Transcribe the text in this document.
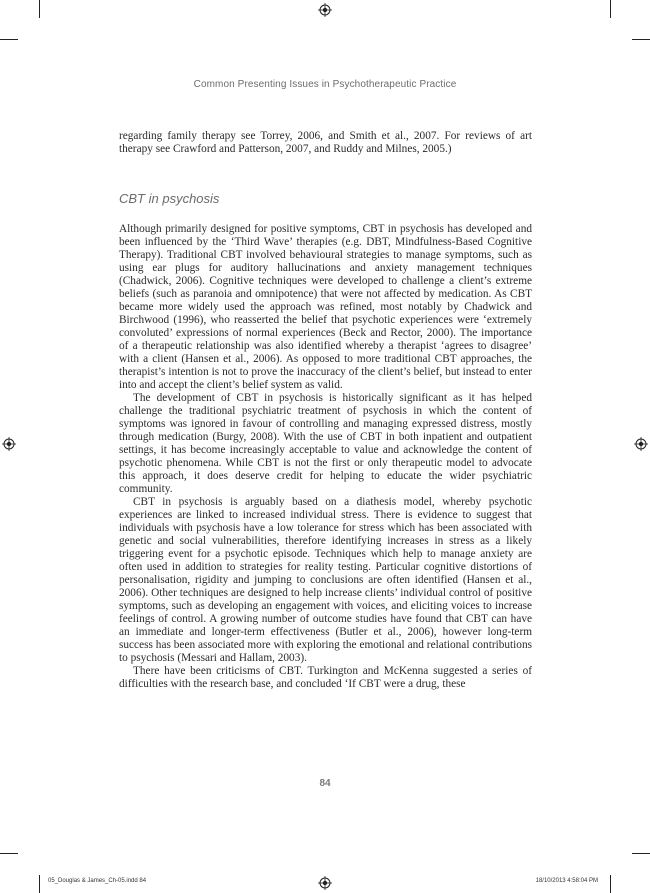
Common Presenting Issues in Psychotherapeutic Practice

regarding family therapy see Torrey, 2006, and Smith et al., 2007. For reviews of art therapy see Crawford and Patterson, 2007, and Ruddy and Milnes, 2005.)

CBT in psychosis

Although primarily designed for positive symptoms, CBT in psychosis has developed and been influenced by the ‘Third Wave’ therapies (e.g. DBT, Mindfulness-Based Cognitive Therapy). Traditional CBT involved behavioural strategies to manage symptoms, such as using ear plugs for auditory hallucinations and anxiety management techniques (Chadwick, 2006). Cognitive techniques were developed to challenge a client’s extreme beliefs (such as paranoia and omnipotence) that were not affected by medication. As CBT became more widely used the approach was refined, most notably by Chadwick and Birchwood (1996), who reasserted the belief that psychotic experiences were ‘extremely convoluted’ expressions of normal experiences (Beck and Rector, 2000). The importance of a therapeutic relationship was also identified whereby a therapist ‘agrees to disagree’ with a client (Hansen et al., 2006). As opposed to more traditional CBT approaches, the therapist’s intention is not to prove the inaccuracy of the client’s belief, but instead to enter into and accept the client’s belief system as valid.

The development of CBT in psychosis is historically significant as it has helped challenge the traditional psychiatric treatment of psychosis in which the content of symptoms was ignored in favour of controlling and managing expressed distress, mostly through medication (Burgy, 2008). With the use of CBT in both inpatient and outpatient settings, it has become increasingly acceptable to value and acknowledge the content of psychotic phenomena. While CBT is not the first or only therapeutic model to advocate this approach, it does deserve credit for helping to educate the wider psychiatric community.

CBT in psychosis is arguably based on a diathesis model, whereby psychotic experiences are linked to increased individual stress. There is evidence to suggest that individuals with psychosis have a low tolerance for stress which has been associated with genetic and social vulnerabilities, therefore identifying increases in stress as a likely triggering event for a psychotic episode. Techniques which help to manage anxiety are often used in addition to strategies for reality testing. Particular cognitive distortions of personalisation, rigidity and jumping to conclusions are often identified (Hansen et al., 2006). Other techniques are designed to help increase clients’ individual control of positive symptoms, such as developing an engagement with voices, and eliciting voices to increase feelings of control. A growing number of outcome studies have found that CBT can have an immediate and longer-term effectiveness (Butler et al., 2006), however long-term success has been associated more with exploring the emotional and relational contributions to psychosis (Messari and Hallam, 2003).

There have been criticisms of CBT. Turkington and McKenna suggested a series of difficulties with the research base, and concluded ‘If CBT were a drug, these

84
05_Douglas & James_Ch-05.indd 84	18/10/2013 4:58:04 PM
